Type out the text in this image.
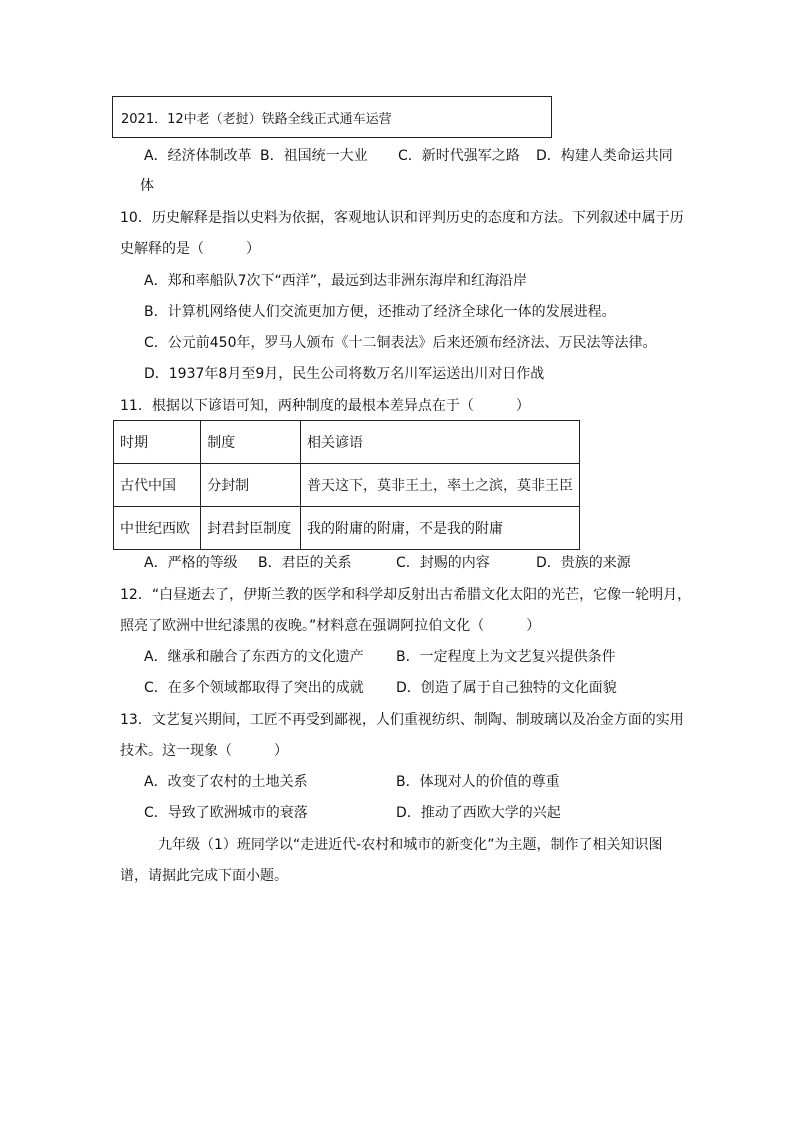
2021．12中老（老挝）铁路全线正式通车运营
A．经济体制改革 B．祖国统一大业 C．新时代强军之路 D．构建人类命运共同
体
10．历史解释是指以史料为依据，客观地认识和评判历史的态度和方法。下列叙述中属于历
史解释的是（　　　）
A．郑和率船队7次下“西洋”，最远到达非洲东海岸和红海沿岸
B．计算机网络使人们交流更加方便，还推动了经济全球化一体的发展进程。
C．公元前450年，罗马人颁布《十二铜表法》后来还颁布经济法、万民法等法律。
D．1937年8月至9月，民生公司将数万名川军运送出川对日作战
11．根据以下谚语可知，两种制度的最根本差异点在于（　　　）
时期	制度	相关谚语
古代中国	分封制	普天这下，莫非王土，率土之滨，莫非王臣
中世纪西欧	封君封臣制度	我的附庸的附庸，不是我的附庸
A．严格的等级 B．君臣的关系	C．封赐的内容	D．贵族的来源
12．“白昼逝去了，伊斯兰教的医学和科学却反射出古希腊文化太阳的光芒，它像一轮明月，
照亮了欧洲中世纪漆黑的夜晚。”材料意在强调阿拉伯文化（　　　）
A．继承和融合了东西方的文化遗产 B．一定程度上为文艺复兴提供条件
C．在多个领域都取得了突出的成就 D．创造了属于自己独特的文化面貌
13．文艺复兴期间，工匠不再受到鄙视，人们重视纺织、制陶、制玻璃以及冶金方面的实用
技术。这一现象（　　　）
A．改变了农村的土地关系	B．体现对人的价值的尊重
C．导致了欧洲城市的衰落	D．推动了西欧大学的兴起
九年级（1）班同学以“走进近代-农村和城市的新变化”为主题，制作了相关知识图
谱，请据此完成下面小题。
